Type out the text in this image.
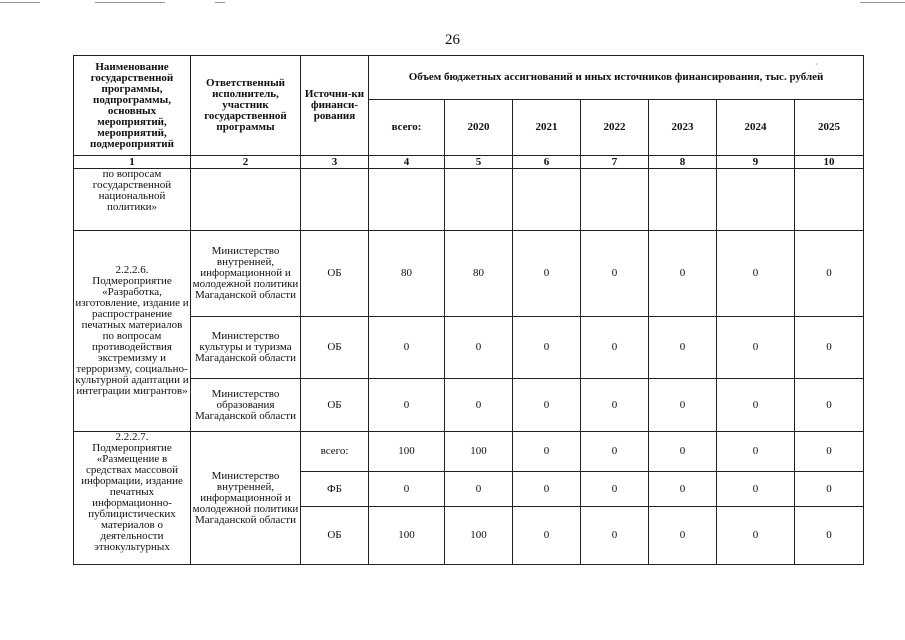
26
ˊ
Наименование государственной программы, подпрограммы, основных мероприятий, мероприятий, подмероприятий	Ответственный исполнитель, участник государственной программы	Источни-ки финанси-рования	Объем бюджетных ассигнований и иных источников финансирования, тыс. рублей						
			всего:	2020	2021	2022	2023	2024	2025
1	2	3	4	5	6	7	8	9	10
по вопросам государственной национальной политики»									
2.2.2.6. Подмероприятие «Разработка, изготовление, издание и распространение печатных материалов по вопросам противодействия экстремизму и терроризму, социально-культурной адаптации и интеграции мигрантов»	Министерство внутренней, информационной и молодежной политики Магаданской области	ОБ	80	80	0	0	0	0	0
	Министерство культуры и туризма Магаданской области	ОБ	0	0	0	0	0	0	0
	Министерство образования Магаданской области	ОБ	0	0	0	0	0	0	0
2.2.2.7. Подмероприятие «Размещение в средствах массовой информации, издание печатных информационно-публицистических материалов о деятельности этнокультурных	Министерство внутренней, информационной и молодежной политики Магаданской области	всего:	100	100	0	0	0	0	0
		ФБ	0	0	0	0	0	0	0
		ОБ	100	100	0	0	0	0	0
